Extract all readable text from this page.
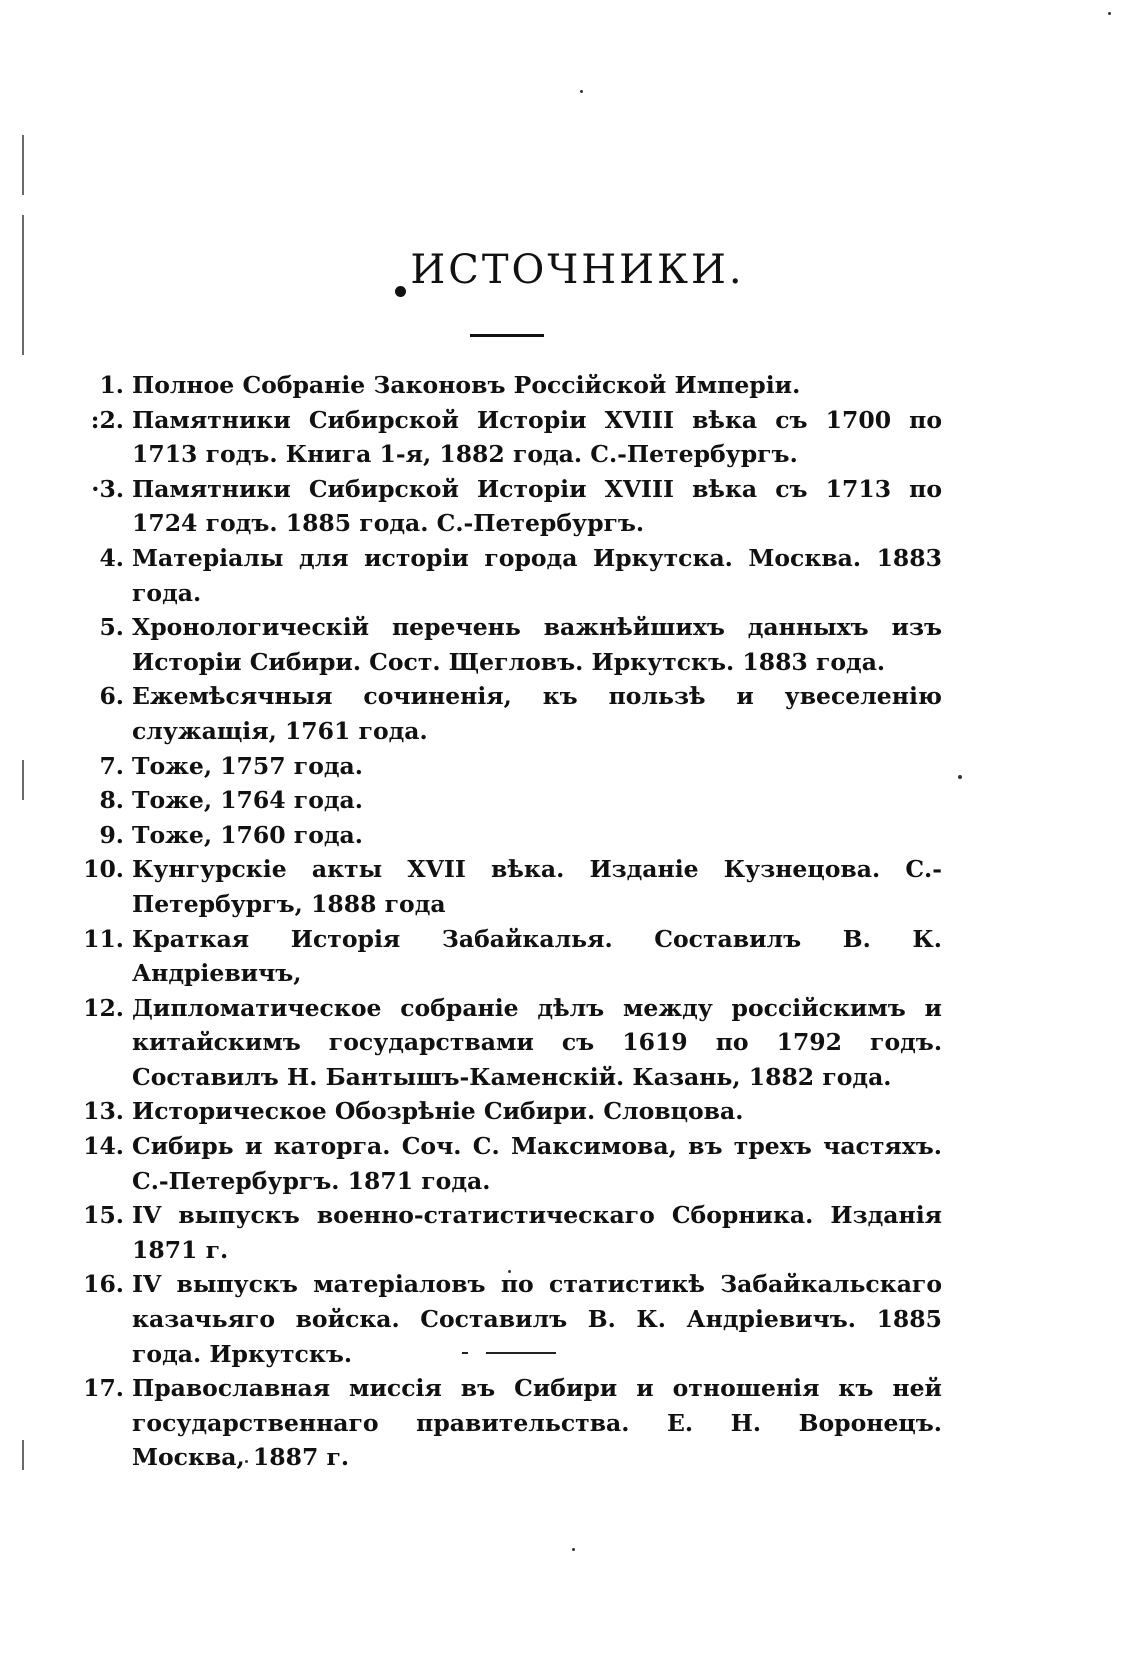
ИСТОЧНИКИ.
1. Полное Собраніе Законовъ Россійской Имперіи.
:2. Памятники Сибирской Исторіи XVIII вѣка съ 1700 по 1713 годъ. Книга 1-я, 1882 года. С.-Петербургъ.
·3. Памятники Сибирской Исторіи XVIII вѣка съ 1713 по 1724 годъ. 1885 года. С.-Петербургъ.
4. Матеріалы для исторіи города Иркутска. Москва. 1883 года.
5. Хронологическій перечень важнѣйшихъ данныхъ изъ Исторіи Сибири. Сост. Щегловъ. Иркутскъ. 1883 года.
6. Ежемѣсячныя сочиненія, къ пользѣ и увеселенію служащія, 1761 года.
7. Тоже, 1757 года.
8. Тоже, 1764 года.
9. Тоже, 1760 года.
10. Кунгурскіе акты XVII вѣка. Изданіе Кузнецова. С.-Петербургъ, 1888 года
11. Краткая Исторія Забайкалья. Составилъ В. К. Андріевичъ,
12. Дипломатическое собраніе дѣлъ между россійскимъ и китайскимъ государствами съ 1619 по 1792 годъ. Составилъ Н. Бантышъ-Каменскій. Казань, 1882 года.
13. Историческое Обозрѣніе Сибири. Словцова.
14. Сибирь и каторга. Соч. С. Максимова, въ трехъ частяхъ. С.-Петербургъ. 1871 года.
15. IV выпускъ военно-статистическаго Сборника. Изданія 1871 г.
16. IV выпускъ матеріаловъ по статистикѣ Забайкальскаго казачьяго войска. Составилъ В. К. Андріевичъ. 1885 года. Иркутскъ.
17. Православная миссія въ Сибири и отношенія къ ней государственнаго правительства. Е. Н. Воронецъ. Москва, 1887 г.
